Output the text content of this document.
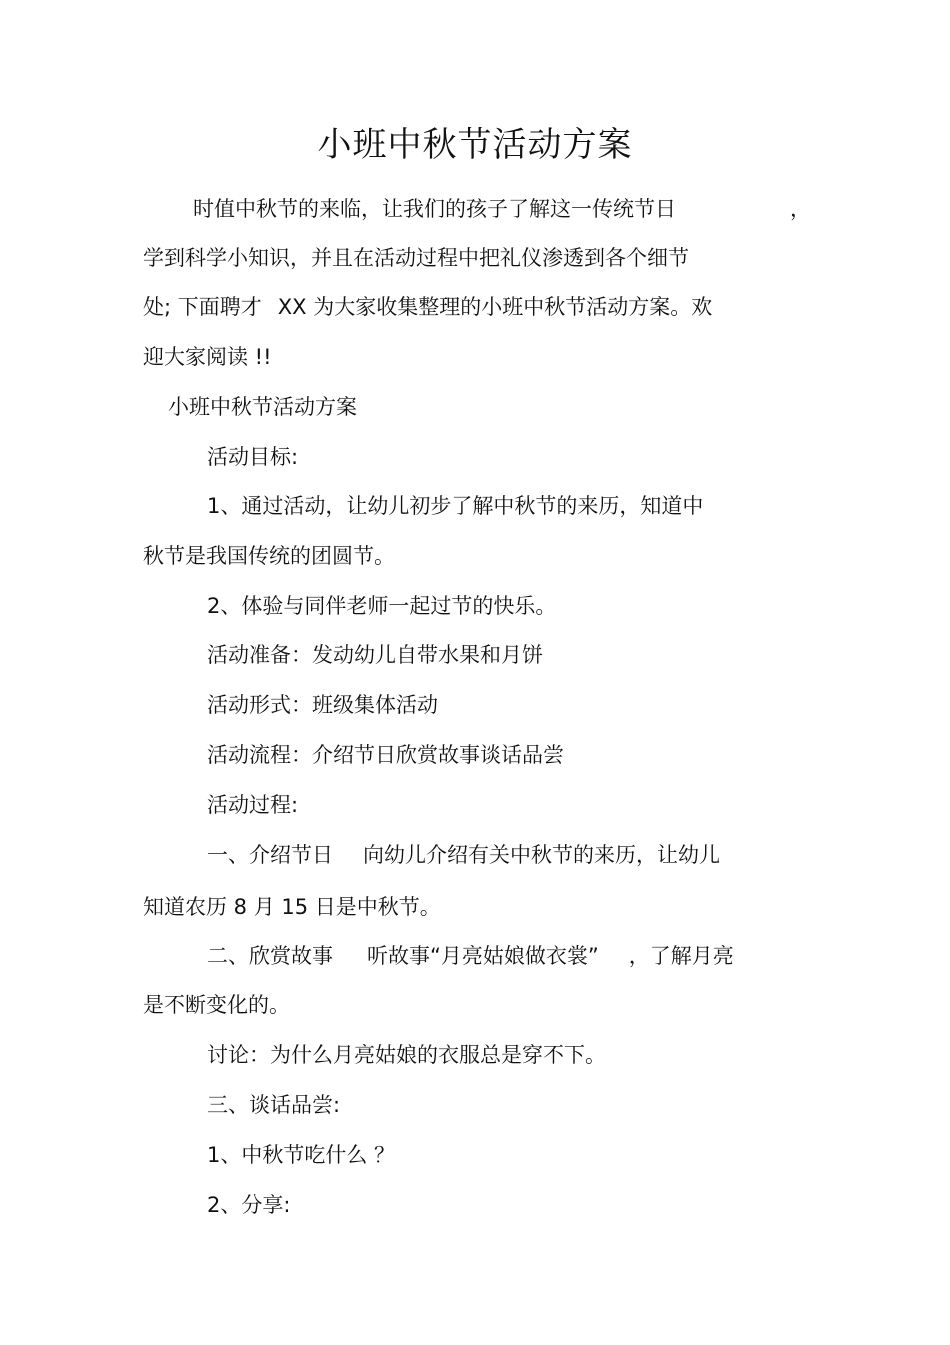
小班中秋节活动方案
时值中秋节的来临，让我们的孩子了解这一传统节日	，
学到科学小知识，并且在活动过程中把礼仪渗透到各个细节
处; 下面聘才 XX 为大家收集整理的小班中秋节活动方案。欢
迎大家阅读 !!
小班中秋节活动方案
活动目标:
1、通过活动，让幼儿初步了解中秋节的来历，知道中
秋节是我国传统的团圆节。
2、体验与同伴老师一起过节的快乐。
活动准备：发动幼儿自带水果和月饼
活动形式：班级集体活动
活动流程：介绍节日欣赏故事谈话品尝
活动过程:
一、介绍节日 向幼儿介绍有关中秋节的来历，让幼儿
知道农历 8 月 15 日是中秋节。
二、欣赏故事 听故事“月亮姑娘做衣裳” ，了解月亮
是不断变化的。
讨论：为什么月亮姑娘的衣服总是穿不下。
三、谈话品尝:
1、中秋节吃什么 ？
2、分享:
